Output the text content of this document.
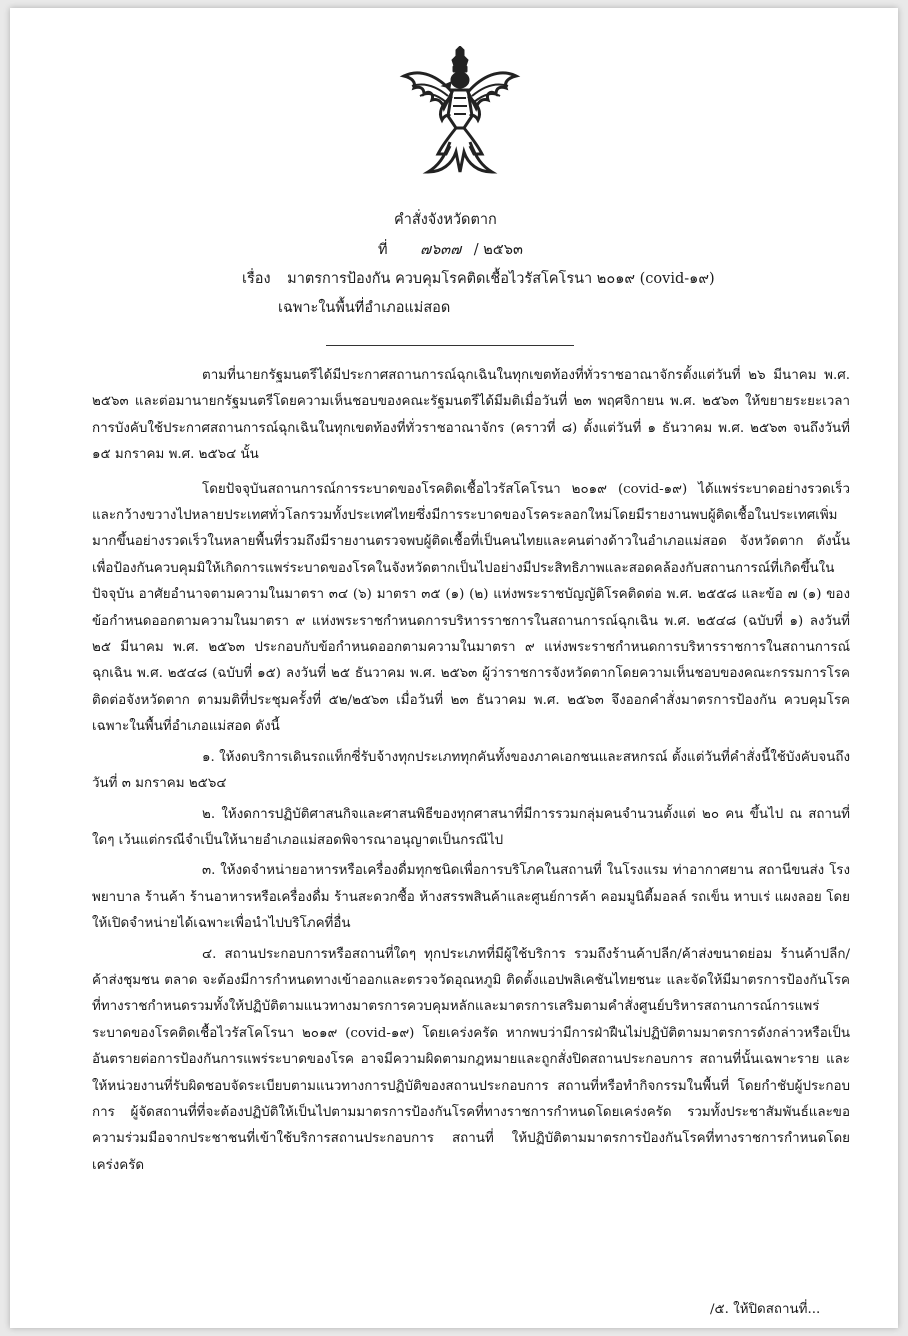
คำสั่งจังหวัดตาก
ที่ ๗๖๓๗ / ๒๕๖๓
เรื่อง มาตรการป้องกัน ควบคุมโรคติดเชื้อไวรัสโคโรนา ๒๐๑๙ (covid-๑๙)
เฉพาะในพื้นที่อำเภอแม่สอด

ตามที่นายกรัฐมนตรีได้มีประกาศสถานการณ์ฉุกเฉินในทุกเขตท้องที่ทั่วราชอาณาจักรตั้งแต่วันที่ ๒๖ มีนาคม พ.ศ. ๒๕๖๓ และต่อมานายกรัฐมนตรีโดยความเห็นชอบของคณะรัฐมนตรีได้มีมติเมื่อวันที่ ๒๓ พฤศจิกายน พ.ศ. ๒๕๖๓ ให้ขยายระยะเวลาการบังคับใช้ประกาศสถานการณ์ฉุกเฉินในทุกเขตท้องที่ทั่วราชอาณาจักร (คราวที่ ๘) ตั้งแต่วันที่ ๑ ธันวาคม พ.ศ. ๒๕๖๓ จนถึงวันที่ ๑๕ มกราคม พ.ศ. ๒๕๖๔ นั้น

โดยปัจจุบันสถานการณ์การระบาดของโรคติดเชื้อไวรัสโคโรนา ๒๐๑๙ (covid-๑๙) ได้แพร่ระบาดอย่างรวดเร็วและกว้างขวางไปหลายประเทศทั่วโลกรวมทั้งประเทศไทยซึ่งมีการระบาดของโรคระลอกใหม่โดยมีรายงานพบผู้ติดเชื้อในประเทศเพิ่มมากขึ้นอย่างรวดเร็วในหลายพื้นที่รวมถึงมีรายงานตรวจพบผู้ติดเชื้อที่เป็นคนไทยและคนต่างด้าวในอำเภอแม่สอด จังหวัดตาก ดังนั้น เพื่อป้องกันควบคุมมิให้เกิดการแพร่ระบาดของโรคในจังหวัดตากเป็นไปอย่างมีประสิทธิภาพและสอดคล้องกับสถานการณ์ที่เกิดขึ้นในปัจจุบัน อาศัยอำนาจตามความในมาตรา ๓๔ (๖) มาตรา ๓๕ (๑) (๒) แห่งพระราชบัญญัติโรคติดต่อ พ.ศ. ๒๕๕๘ และข้อ ๗ (๑) ของข้อกำหนดออกตามความในมาตรา ๙ แห่งพระราชกำหนดการบริหารราชการในสถานการณ์ฉุกเฉิน พ.ศ. ๒๕๔๘ (ฉบับที่ ๑) ลงวันที่ ๒๕ มีนาคม พ.ศ. ๒๕๖๓ ประกอบกับข้อกำหนดออกตามความในมาตรา ๙ แห่งพระราชกำหนดการบริหารราชการในสถานการณ์ฉุกเฉิน พ.ศ. ๒๕๔๘ (ฉบับที่ ๑๕) ลงวันที่ ๒๕ ธันวาคม พ.ศ. ๒๕๖๓ ผู้ว่าราชการจังหวัดตากโดยความเห็นชอบของคณะกรรมการโรคติดต่อจังหวัดตาก ตามมติที่ประชุมครั้งที่ ๕๒/๒๕๖๓ เมื่อวันที่ ๒๓ ธันวาคม พ.ศ. ๒๕๖๓ จึงออกคำสั่งมาตรการป้องกัน ควบคุมโรคเฉพาะในพื้นที่อำเภอแม่สอด ดังนี้

๑. ให้งดบริการเดินรถแท็กซี่รับจ้างทุกประเภททุกคันทั้งของภาคเอกชนและสหกรณ์ ตั้งแต่วันที่คำสั่งนี้ใช้บังคับจนถึงวันที่ ๓ มกราคม ๒๕๖๔

๒. ให้งดการปฏิบัติศาสนกิจและศาสนพิธีของทุกศาสนาที่มีการรวมกลุ่มคนจำนวนตั้งแต่ ๒๐ คน ขึ้นไป ณ สถานที่ใดๆ เว้นแต่กรณีจำเป็นให้นายอำเภอแม่สอดพิจารณาอนุญาตเป็นกรณีไป

๓. ให้งดจำหน่ายอาหารหรือเครื่องดื่มทุกชนิดเพื่อการบริโภคในสถานที่ ในโรงแรม ท่าอากาศยาน สถานีขนส่ง โรงพยาบาล ร้านค้า ร้านอาหารหรือเครื่องดื่ม ร้านสะดวกซื้อ ห้างสรรพสินค้าและศูนย์การค้า คอมมูนิตี้มอลล์ รถเข็น หาบเร่ แผงลอย โดยให้เปิดจำหน่ายได้เฉพาะเพื่อนำไปบริโภคที่อื่น

๔. สถานประกอบการหรือสถานที่ใดๆ ทุกประเภทที่มีผู้ใช้บริการ รวมถึงร้านค้าปลีก/ค้าส่งขนาดย่อม ร้านค้าปลีก/ค้าส่งชุมชน ตลาด จะต้องมีการกำหนดทางเข้าออกและตรวจวัดอุณหภูมิ ติดตั้งแอปพลิเคชันไทยชนะ และจัดให้มีมาตรการป้องกันโรคที่ทางราชกำหนดรวมทั้งให้ปฏิบัติตามแนวทางมาตรการควบคุมหลักและมาตรการเสริมตามคำสั่งศูนย์บริหารสถานการณ์การแพร่ระบาดของโรคติดเชื้อไวรัสโคโรนา ๒๐๑๙ (covid-๑๙) โดยเคร่งครัด หากพบว่ามีการฝ่าฝืนไม่ปฏิบัติตามมาตรการดังกล่าวหรือเป็นอันตรายต่อการป้องกันการแพร่ระบาดของโรค อาจมีความผิดตามกฎหมายและถูกสั่งปิดสถานประกอบการ สถานที่นั้นเฉพาะราย และให้หน่วยงานที่รับผิดชอบจัดระเบียบตามแนวทางการปฏิบัติของสถานประกอบการ สถานที่หรือทำกิจกรรมในพื้นที่ โดยกำชับผู้ประกอบการ ผู้จัดสถานที่ที่จะต้องปฏิบัติให้เป็นไปตามมาตรการป้องกันโรคที่ทางราชการกำหนดโดยเคร่งครัด รวมทั้งประชาสัมพันธ์และขอความร่วมมือจากประชาชนที่เข้าใช้บริการสถานประกอบการ สถานที่ ให้ปฏิบัติตามมาตรการป้องกันโรคที่ทางราชการกำหนดโดยเคร่งครัด

/๕. ให้ปิดสถานที่...
